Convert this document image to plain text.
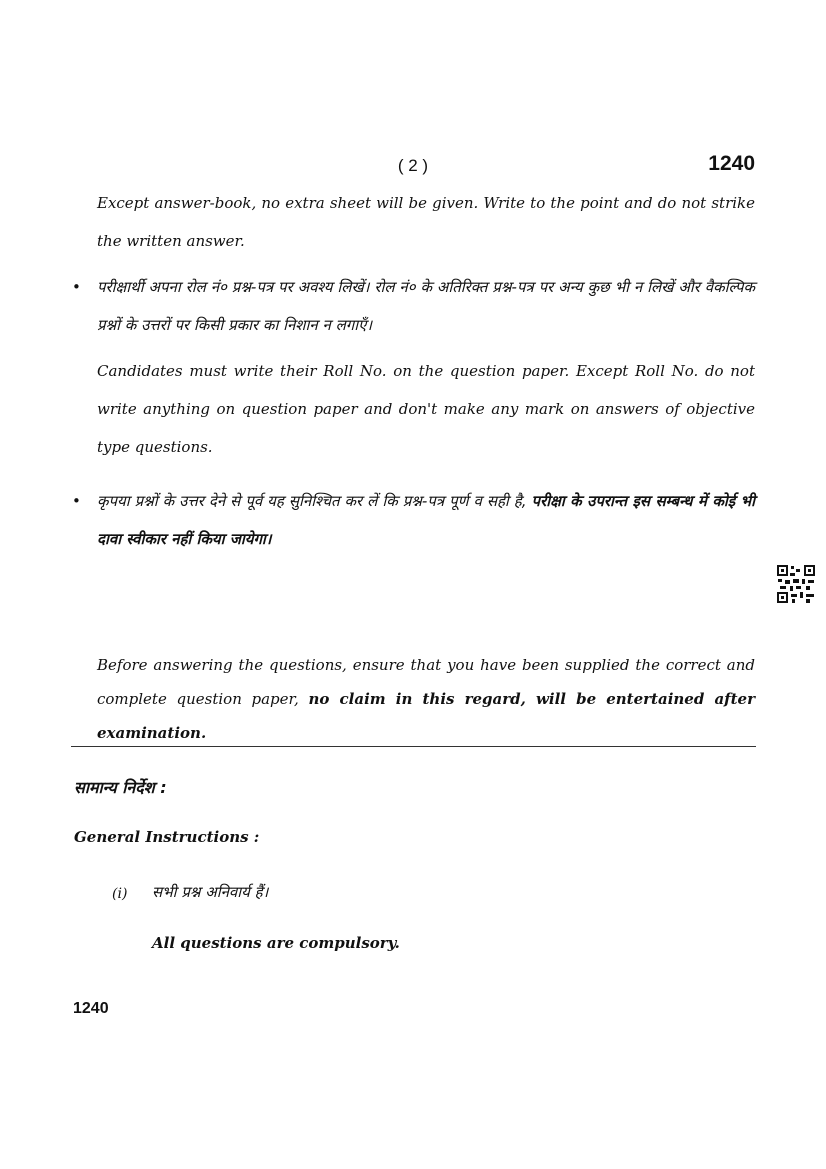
( 2 )	1240
Except answer-book, no extra sheet will be given. Write to the point and do not strike the written answer.
• परीक्षार्थी अपना रोल नं० प्रश्न-पत्र पर अवश्य लिखें। रोल नं० के अतिरिक्त प्रश्न-पत्र पर अन्य कुछ भी न लिखें और वैकल्पिक प्रश्नों के उत्तरों पर किसी प्रकार का निशान न लगाएँ।
Candidates must write their Roll No. on the question paper. Except Roll No. do not write anything on question paper and don't make any mark on answers of objective type questions.
• कृपया प्रश्नों के उत्तर देने से पूर्व यह सुनिश्चित कर लें कि प्रश्न-पत्र पूर्ण व सही है, परीक्षा के उपरान्त इस सम्बन्ध में कोई भी दावा स्वीकार नहीं किया जायेगा।
Before answering the questions, ensure that you have been supplied the correct and complete question paper, no claim in this regard, will be entertained after examination.
सामान्य निर्देश :
General Instructions :
(i) सभी प्रश्न अनिवार्य हैं।
All questions are compulsory.
1240
